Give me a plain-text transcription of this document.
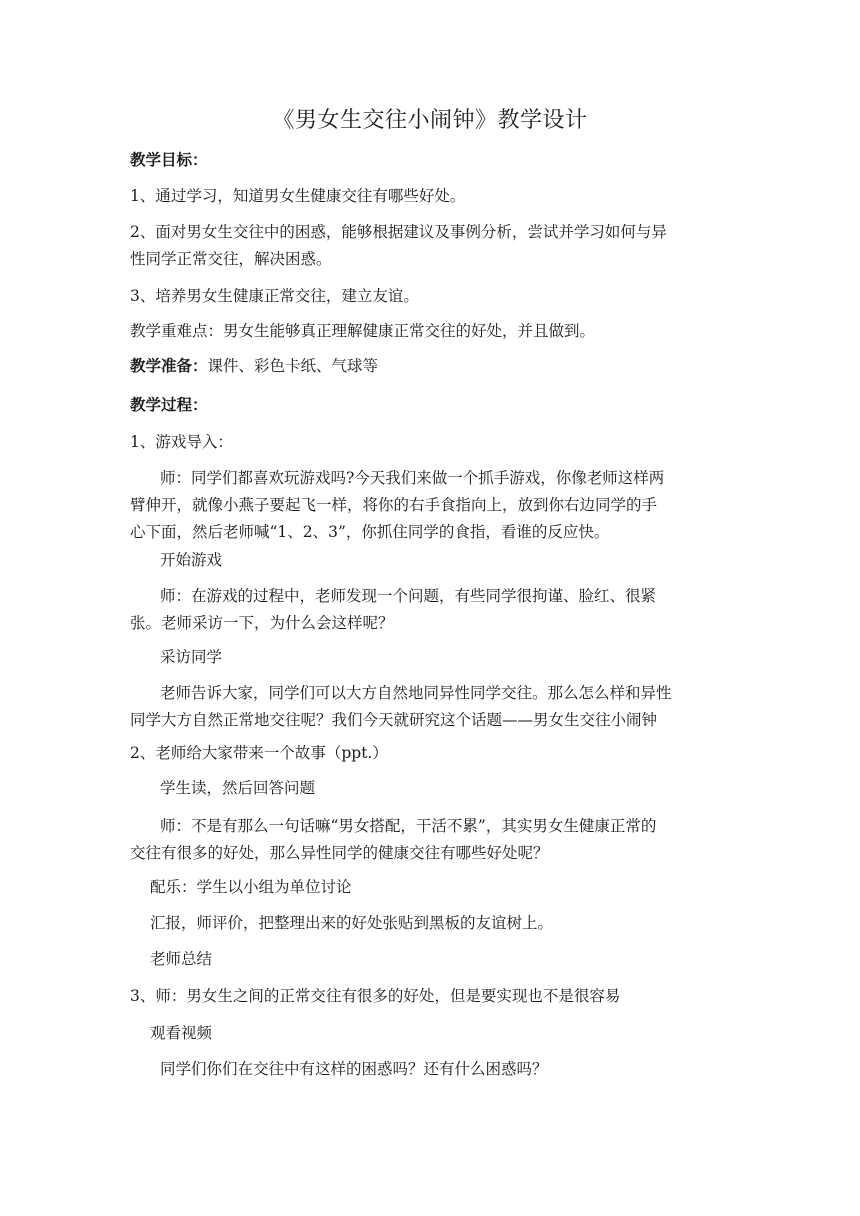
《男女生交往小闹钟》教学设计
教学目标：
1、通过学习，知道男女生健康交往有哪些好处。
2、面对男女生交往中的困惑，能够根据建议及事例分析，尝试并学习如何与异
性同学正常交往，解决困惑。
3、培养男女生健康正常交往，建立友谊。
教学重难点：男女生能够真正理解健康正常交往的好处，并且做到。
教学准备：课件、彩色卡纸、气球等
教学过程：
1、游戏导入：
师：同学们都喜欢玩游戏吗?今天我们来做一个抓手游戏，你像老师这样两
臂伸开，就像小燕子要起飞一样，将你的右手食指向上，放到你右边同学的手
心下面，然后老师喊“1、2、3”，你抓住同学的食指，看谁的反应快。
开始游戏
师：在游戏的过程中，老师发现一个问题，有些同学很拘谨、脸红、很紧
张。老师采访一下，为什么会这样呢？
采访同学
老师告诉大家，同学们可以大方自然地同异性同学交往。那么怎么样和异性
同学大方自然正常地交往呢？我们今天就研究这个话题——男女生交往小闹钟
2、老师给大家带来一个故事（ppt.）
学生读，然后回答问题
师：不是有那么一句话嘛“男女搭配，干活不累”，其实男女生健康正常的
交往有很多的好处，那么异性同学的健康交往有哪些好处呢？
配乐：学生以小组为单位讨论
汇报，师评价，把整理出来的好处张贴到黑板的友谊树上。
老师总结
3、师：男女生之间的正常交往有很多的好处，但是要实现也不是很容易
观看视频
同学们你们在交往中有这样的困惑吗？还有什么困惑吗？
